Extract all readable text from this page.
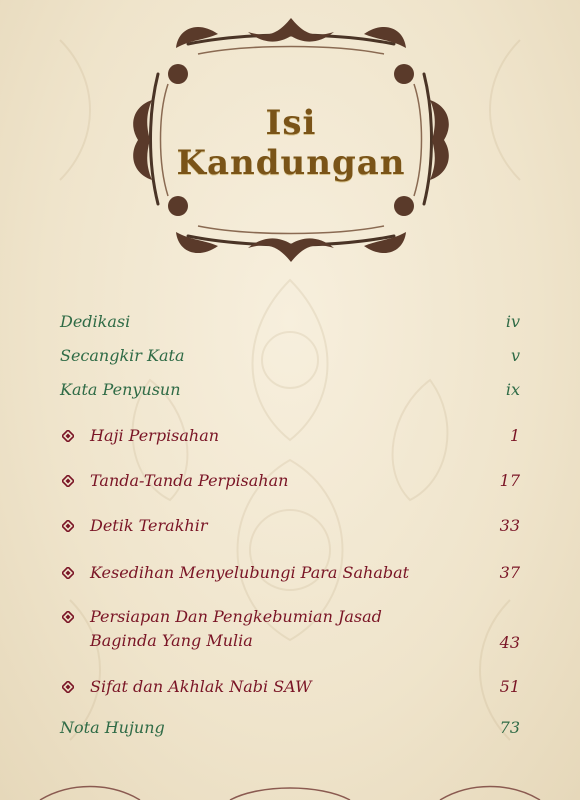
Isi
Kandungan
Dedikasi	iv
Secangkir Kata	v
Kata Penyusun	ix
Haji Perpisahan	1
Tanda-Tanda Perpisahan	17
Detik Terakhir	33
Kesedihan Menyelubungi Para Sahabat	37
Persiapan Dan Pengkebumian Jasad
Baginda Yang Mulia	43
Sifat dan Akhlak Nabi SAW	51
Nota Hujung	73
